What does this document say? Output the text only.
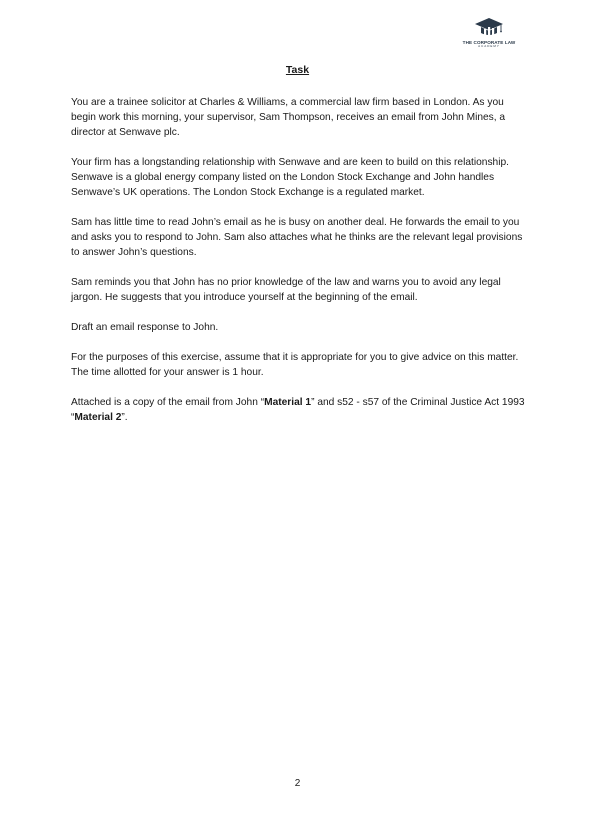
THE CORPORATE LAW
ACADEMY
Task

You are a trainee solicitor at Charles & Williams, a commercial law firm based in London. As you begin work this morning, your supervisor, Sam Thompson, receives an email from John Mines, a director at Senwave plc.

Your firm has a longstanding relationship with Senwave and are keen to build on this relationship. Senwave is a global energy company listed on the London Stock Exchange and John handles Senwave’s UK operations. The London Stock Exchange is a regulated market.

Sam has little time to read John’s email as he is busy on another deal. He forwards the email to you and asks you to respond to John. Sam also attaches what he thinks are the relevant legal provisions to answer John’s questions.

Sam reminds you that John has no prior knowledge of the law and warns you to avoid any legal jargon. He suggests that you introduce yourself at the beginning of the email.

Draft an email response to John.

For the purposes of this exercise, assume that it is appropriate for you to give advice on this matter. The time allotted for your answer is 1 hour.

Attached is a copy of the email from John “Material 1” and s52 - s57 of the Criminal Justice Act 1993 “Material 2”.

2
